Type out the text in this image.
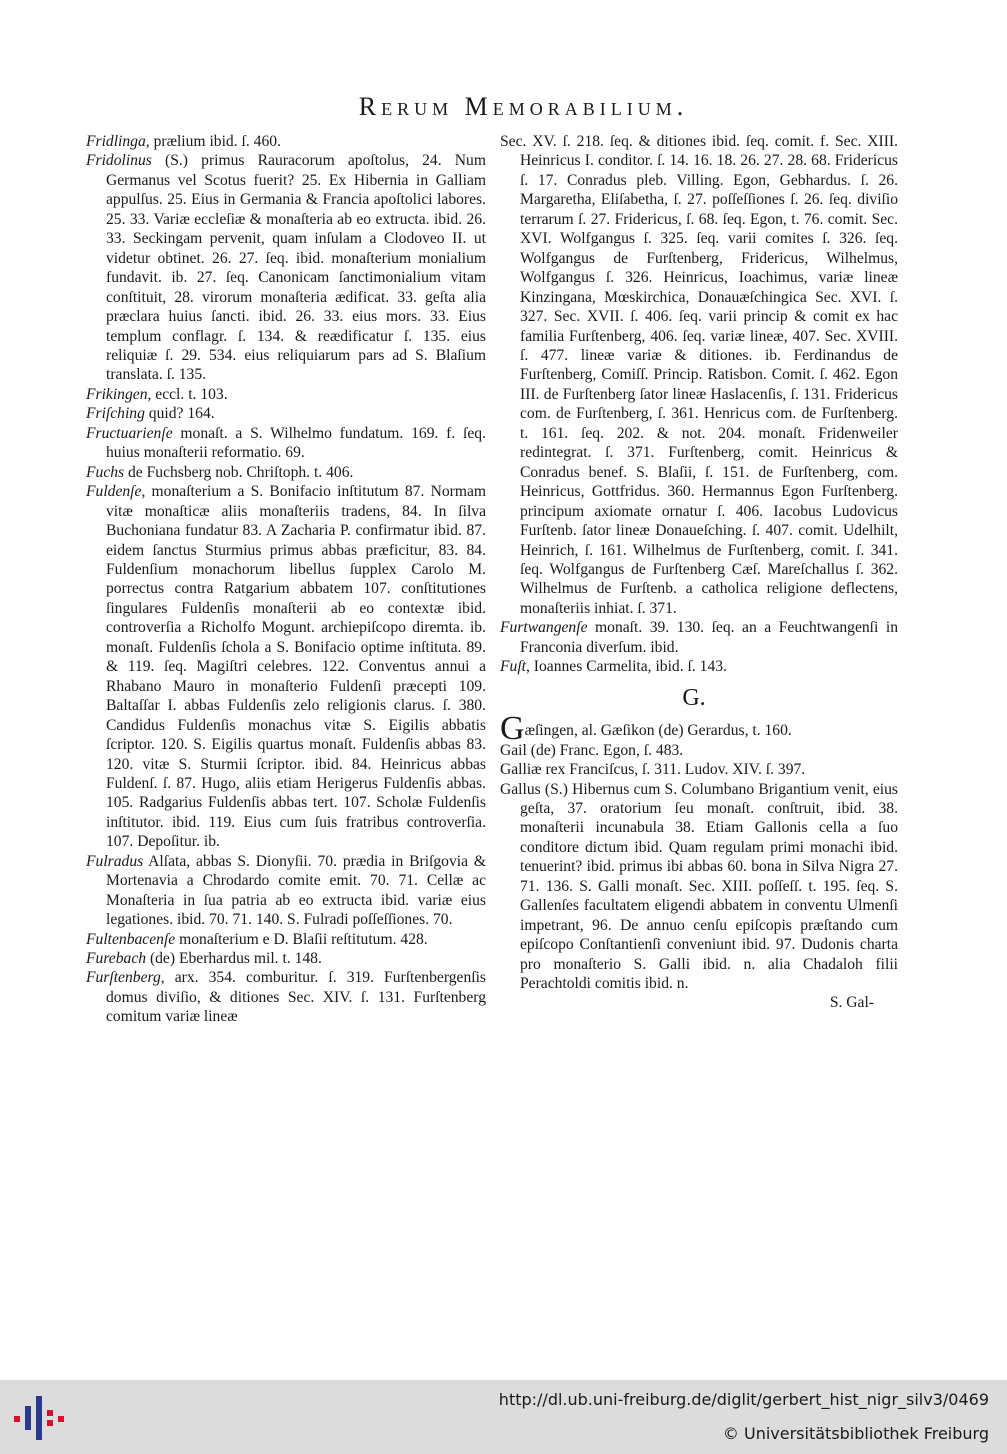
Rerum Memorabilium.

Fridlinga, prælium ibid. ſ. 460.

Fridolinus (S.) primus Rauracorum apoſtolus, 24. Num Germanus vel Scotus fuerit? 25. Ex Hibernia in Galliam appulſus. 25. Eius in Germania & Francia apoſtolici labores. 25. 33. Variæ eccleſiæ & monaſteria ab eo extructa. ibid. 26. 33. Seckingam pervenit, quam inſulam a Clodoveo II. ut videtur obtinet. 26. 27. ſeq. ibid. monaſterium monialium fundavit. ib. 27. ſeq. Canonicam ſanctimonialium vitam conſtituit, 28. virorum monaſteria ædificat. 33. geſta alia præclara huius ſancti. ibid. 26. 33. eius mors. 33. Eius templum conflagr. ſ. 134. & reædificatur ſ. 135. eius reliquiæ ſ. 29. 534. eius reliquiarum pars ad S. Blaſium translata. ſ. 135.

Frikingen, eccl. t. 103.

Friſching quid? 164.

Fructuarienſe monaſt. a S. Wilhelmo fundatum. 169. f. ſeq. huius monaſterii reformatio. 69.

Fuchs de Fuchsberg nob. Chriſtoph. t. 406.

Fuldenſe, monaſterium a S. Bonifacio inſtitutum 87. Normam vitæ monaſticæ aliis monaſteriis tradens, 84. In ſilva Buchoniana fundatur 83. A Zacharia P. confirmatur ibid. 87. eidem ſanctus Sturmius primus abbas præficitur, 83. 84. Fuldenſium monachorum libellus ſupplex Carolo M. porrectus contra Ratgarium abbatem 107. conſtitutiones ſingulares Fuldenſis monaſterii ab eo contextæ ibid. controverſia a Richolfo Mogunt. archiepiſcopo diremta. ib. monaſt. Fuldenſis ſchola a S. Bonifacio optime inſtituta. 89. & 119. ſeq. Magiſtri celebres. 122. Conventus annui a Rhabano Mauro in monaſterio Fuldenſi præcepti 109. Baltaſſar I. abbas Fuldenſis zelo religionis clarus. ſ. 380. Candidus Fuldenſis monachus vitæ S. Eigilis abbatis ſcriptor. 120. S. Eigilis quartus monaſt. Fuldenſis abbas 83. 120. vitæ S. Sturmii ſcriptor. ibid. 84. Heinricus abbas Fuldenſ. ſ. 87. Hugo, aliis etiam Herigerus Fuldenſis abbas. 105. Radgarius Fuldenſis abbas tert. 107. Scholæ Fuldenſis inſtitutor. ibid. 119. Eius cum ſuis fratribus controverſia. 107. Depoſitur. ib.

Fulradus Alſata, abbas S. Dionyſii. 70. prædia in Briſgovia & Mortenavia a Chrodardo comite emit. 70. 71. Cellæ ac Monaſteria in ſua patria ab eo extructa ibid. variæ eius legationes. ibid. 70. 71. 140. S. Fulradi poſſeſſiones. 70.

Fultenbacenſe monaſterium e D. Blaſii reſtitutum. 428.

Furebach (de) Eberhardus mil. t. 148.

Furſtenberg, arx. 354. comburitur. ſ. 319. Furſtenbergenſis domus diviſio, & ditiones Sec. XIV. ſ. 131. Furſtenberg comitum variæ lineæ

Sec. XV. ſ. 218. ſeq. & ditiones ibid. ſeq. comit. f. Sec. XIII. Heinricus I. conditor. ſ. 14. 16. 18. 26. 27. 28. 68. Fridericus ſ. 17. Conradus pleb. Villing. Egon, Gebhardus. ſ. 26. Margaretha, Eliſabetha, ſ. 27. poſſeſſiones ſ. 26. ſeq. diviſio terrarum ſ. 27. Fridericus, ſ. 68. ſeq. Egon, t. 76. comit. Sec. XVI. Wolfgangus ſ. 325. ſeq. varii comites ſ. 326. ſeq. Wolfgangus de Furſtenberg, Fridericus, Wilhelmus, Wolfgangus ſ. 326. Heinricus, Ioachimus, variæ lineæ Kinzingana, Mœskirchica, Donauæſchingica Sec. XVI. ſ. 327. Sec. XVII. ſ. 406. ſeq. varii princip & comit ex hac familia Furſtenberg, 406. ſeq. variæ lineæ, 407. Sec. XVIII. ſ. 477. lineæ variæ & ditiones. ib. Ferdinandus de Furſtenberg, Comiſſ. Princip. Ratisbon. Comit. ſ. 462. Egon III. de Furſtenberg ſator lineæ Haslacenſis, ſ. 131. Fridericus com. de Furſtenberg, ſ. 361. Henricus com. de Furſtenberg. t. 161. ſeq. 202. & not. 204. monaſt. Fridenweiler redintegrat. ſ. 371. Furſtenberg, comit. Heinricus & Conradus benef. S. Blaſii, ſ. 151. de Furſtenberg, com. Heinricus, Gottfridus. 360. Hermannus Egon Furſtenberg. principum axiomate ornatur ſ. 406. Iacobus Ludovicus Furſtenb. ſator lineæ Donaueſching. ſ. 407. comit. Udelhilt, Heinrich, ſ. 161. Wilhelmus de Furſtenberg, comit. ſ. 341. ſeq. Wolfgangus de Furſtenberg Cæſ. Mareſchallus ſ. 362. Wilhelmus de Furſtenb. a catholica religione deflectens, monaſteriis inhiat. ſ. 371.

Furtwangenſe monaſt. 39. 130. ſeq. an a Feuchtwangenſi in Franconia diverſum. ibid.

Fuſt, Ioannes Carmelita, ibid. ſ. 143.

G.

Gæſingen, al. Gæſikon (de) Gerardus, t. 160.

Gail (de) Franc. Egon, ſ. 483.

Galliæ rex Franciſcus, ſ. 311. Ludov. XIV. ſ. 397.

Gallus (S.) Hibernus cum S. Columbano Brigantium venit, eius geſta, 37. oratorium ſeu monaſt. conſtruit, ibid. 38. monaſterii incunabula 38. Etiam Gallonis cella a ſuo conditore dictum ibid. Quam regulam primi monachi ibid. tenuerint? ibid. primus ibi abbas 60. bona in Silva Nigra 27. 71. 136. S. Galli monaſt. Sec. XIII. poſſeſſ. t. 195. ſeq. S. Gallenſes facultatem eligendi abbatem in conventu Ulmenſi impetrant, 96. De annuo cenſu epiſcopis præſtando cum epiſcopo Conſtantienſi conveniunt ibid. 97. Dudonis charta pro monaſterio S. Galli ibid. n. alia Chadaloh filii Perachtoldi comitis ibid. n.

S. Gal-

http://dl.ub.uni-freiburg.de/diglit/gerbert_hist_nigr_silv3/0469
© Universitätsbibliothek Freiburg
